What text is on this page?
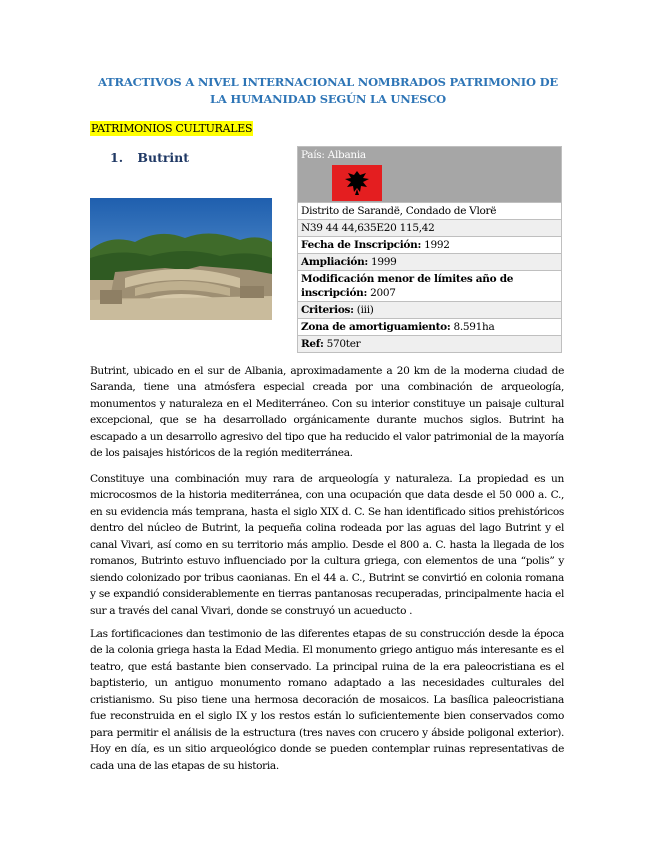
ATRACTIVOS A NIVEL INTERNACIONAL NOMBRADOS PATRIMONIO DE LA HUMANIDAD SEGÚN LA UNESCO
PATRIMONIOS CULTURALES
1. Butrint	País: Albania

Distrito de Sarandë, Condado de Vlorë
N39 44 44,635E20 115,42
Fecha de Inscripción: 1992
Ampliación: 1999
Modificación menor de límites año de inscripción: 2007
Criterios: (iii)
Zona de amortiguamiento: 8.591ha
Ref: 570ter

Butrint, ubicado en el sur de Albania, aproximadamente a 20 km de la moderna ciudad de Saranda, tiene una atmósfera especial creada por una combinación de arqueología, monumentos y naturaleza en el Mediterráneo. Con su interior constituye un paisaje cultural excepcional, que se ha desarrollado orgánicamente durante muchos siglos. Butrint ha escapado a un desarrollo agresivo del tipo que ha reducido el valor patrimonial de la mayoría de los paisajes históricos de la región mediterránea.

Constituye una combinación muy rara de arqueología y naturaleza. La propiedad es un microcosmos de la historia mediterránea, con una ocupación que data desde el 50 000 a. C., en su evidencia más temprana, hasta el siglo XIX d. C. Se han identificado sitios prehistóricos dentro del núcleo de Butrint, la pequeña colina rodeada por las aguas del lago Butrint y el canal Vivari, así como en su territorio más amplio. Desde el 800 a. C. hasta la llegada de los romanos, Butrinto estuvo influenciado por la cultura griega, con elementos de una “polis” y siendo colonizado por tribus caonianas. En el 44 a. C., Butrint se convirtió en colonia romana y se expandió considerablemente en tierras pantanosas recuperadas, principalmente hacia el sur a través del canal Vivari, donde se construyó un acueducto .

Las fortificaciones dan testimonio de las diferentes etapas de su construcción desde la época de la colonia griega hasta la Edad Media. El monumento griego antiguo más interesante es el teatro, que está bastante bien conservado. La principal ruina de la era paleocristiana es el baptisterio, un antiguo monumento romano adaptado a las necesidades culturales del cristianismo. Su piso tiene una hermosa decoración de mosaicos. La basílica paleocristiana fue reconstruida en el siglo IX y los restos están lo suficientemente bien conservados como para permitir el análisis de la estructura (tres naves con crucero y ábside poligonal exterior). Hoy en día, es un sitio arqueológico donde se pueden contemplar ruinas representativas de cada una de las etapas de su historia.
